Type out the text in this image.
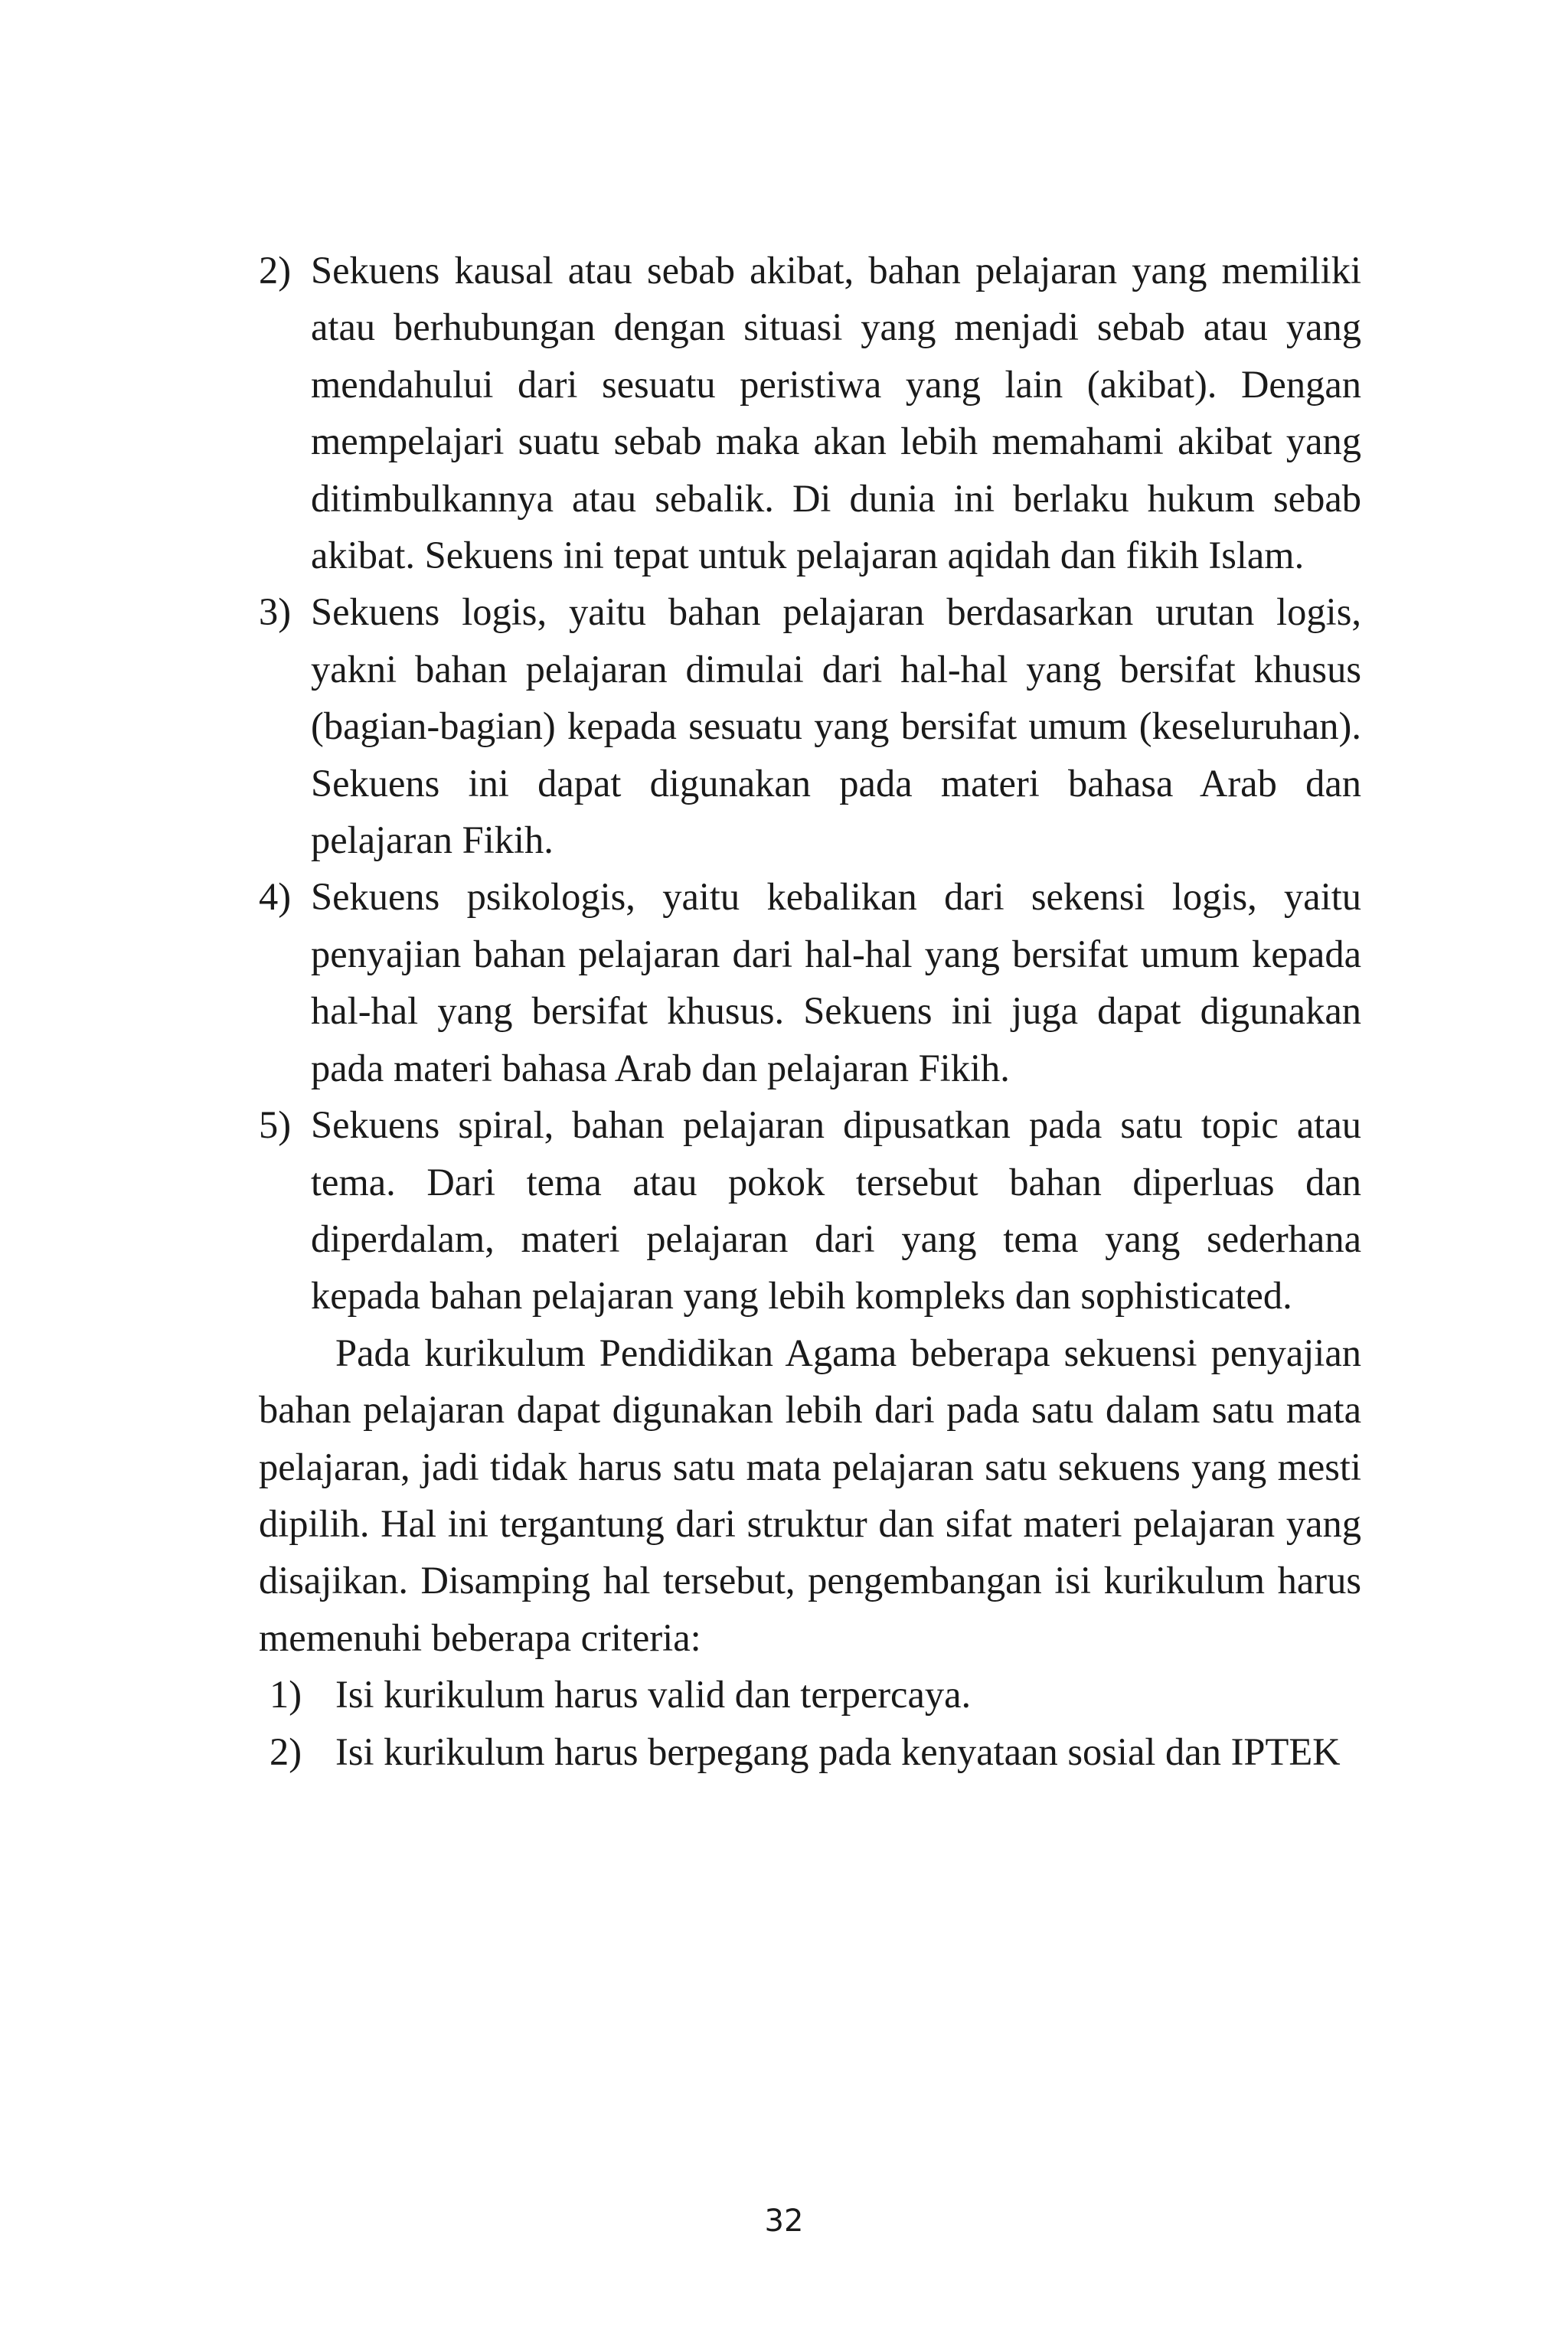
2) Sekuens kausal atau sebab akibat, bahan pelajaran yang memiliki atau berhubungan dengan situasi yang menjadi sebab atau yang mendahului dari sesuatu peristiwa yang lain (akibat). Dengan mempelajari suatu sebab maka akan lebih memahami akibat yang ditimbulkannya atau sebalik. Di dunia ini berlaku hukum sebab akibat. Sekuens ini tepat untuk pelajaran aqidah dan fikih Islam.
3) Sekuens logis, yaitu bahan pelajaran berdasarkan urutan logis, yakni bahan pelajaran dimulai dari hal-hal yang bersifat khusus (bagian-bagian) kepada sesuatu yang bersifat umum (keseluruhan). Sekuens ini dapat digunakan pada materi bahasa Arab dan pelajaran Fikih.
4) Sekuens psikologis, yaitu kebalikan dari sekensi logis, yaitu penyajian bahan pelajaran dari hal-hal yang bersifat umum kepada hal-hal yang bersifat khusus. Sekuens ini juga dapat digunakan pada materi bahasa Arab dan pelajaran Fikih.
5) Sekuens spiral, bahan pelajaran dipusatkan pada satu topic atau tema. Dari tema atau pokok tersebut bahan diperluas dan diperdalam, materi pelajaran dari yang tema yang sederhana kepada bahan pelajaran yang lebih kompleks dan sophisticated.

Pada kurikulum Pendidikan Agama beberapa sekuensi penyajian bahan pelajaran dapat digunakan lebih dari pada satu dalam satu mata pelajaran, jadi tidak harus satu mata pelajaran satu sekuens yang mesti dipilih. Hal ini tergantung dari struktur dan sifat materi pelajaran yang disajikan. Disamping hal tersebut, pengembangan isi kurikulum harus memenuhi beberapa criteria:

1) Isi kurikulum harus valid dan terpercaya.
2) Isi kurikulum harus berpegang pada kenyataan sosial dan IPTEK
32
